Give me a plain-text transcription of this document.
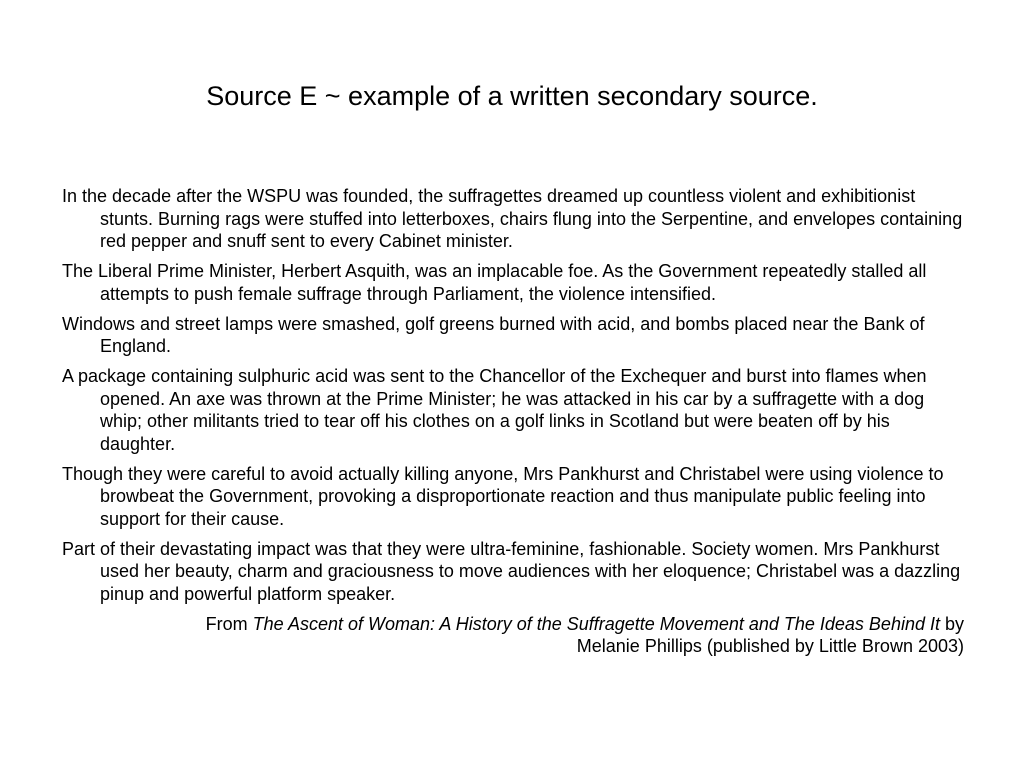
Source E ~ example of a written secondary source.

In the decade after the WSPU was founded, the suffragettes dreamed up countless violent and exhibitionist stunts. Burning rags were stuffed into letterboxes, chairs flung into the Serpentine, and envelopes containing red pepper and snuff sent to every Cabinet minister.

The Liberal Prime Minister, Herbert Asquith, was an implacable foe. As the Government repeatedly stalled all attempts to push female suffrage through Parliament, the violence intensified.

Windows and street lamps were smashed, golf greens burned with acid, and bombs placed near the Bank of England.

A package containing sulphuric acid was sent to the Chancellor of the Exchequer and burst into flames when opened. An axe was thrown at the Prime Minister; he was attacked in his car by a suffragette with a dog whip; other militants tried to tear off his clothes on a golf links in Scotland but were beaten off by his daughter.

Though they were careful to avoid actually killing anyone, Mrs Pankhurst and Christabel were using violence to browbeat the Government, provoking a disproportionate reaction and thus manipulate public feeling into support for their cause.

Part of their devastating impact was that they were ultra-feminine, fashionable. Society women. Mrs Pankhurst used her beauty, charm and graciousness to move audiences with her eloquence; Christabel was a dazzling pinup and powerful platform speaker.

From The Ascent of Woman: A History of the Suffragette Movement and The Ideas Behind It by
Melanie Phillips (published by Little Brown 2003)
